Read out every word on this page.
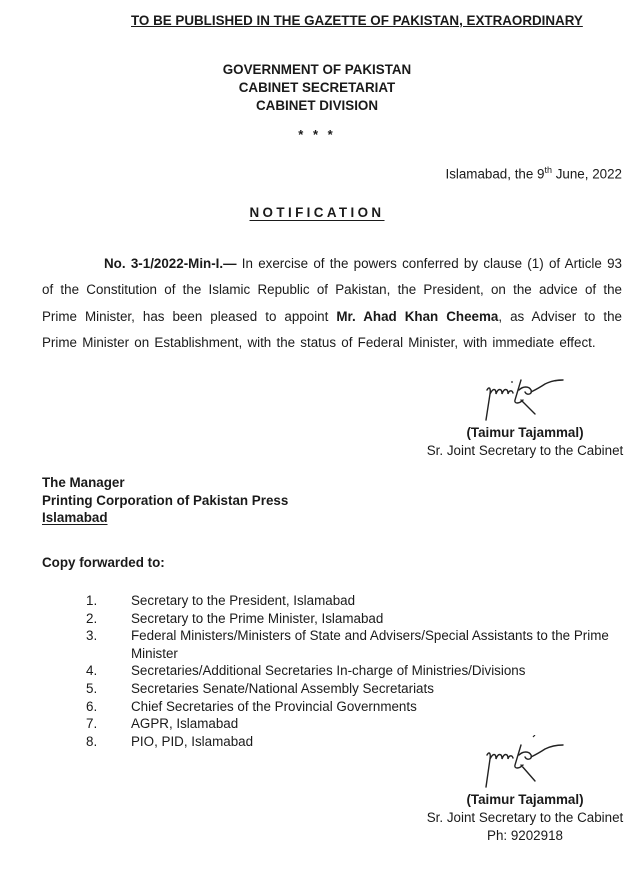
TO BE PUBLISHED IN THE GAZETTE OF PAKISTAN, EXTRAORDINARY
GOVERNMENT OF PAKISTAN
CABINET SECRETARIAT
CABINET DIVISION
* * *
Islamabad, the 9th June, 2022
NOTIFICATION
No. 3-1/2022-Min-I.— In exercise of the powers conferred by clause (1) of Article 93 of the Constitution of the Islamic Republic of Pakistan, the President, on the advice of the Prime Minister, has been pleased to appoint Mr. Ahad Khan Cheema, as Adviser to the Prime Minister on Establishment, with the status of Federal Minister, with immediate effect.
(Taimur Tajammal)
Sr. Joint Secretary to the Cabinet
The Manager
Printing Corporation of Pakistan Press
Islamabad
Copy forwarded to:
1.	Secretary to the President, Islamabad
2.	Secretary to the Prime Minister, Islamabad
3.	Federal Ministers/Ministers of State and Advisers/Special Assistants to the Prime Minister
4.	Secretaries/Additional Secretaries In-charge of Ministries/Divisions
5.	Secretaries Senate/National Assembly Secretariats
6.	Chief Secretaries of the Provincial Governments
7.	AGPR, Islamabad
8.	PIO, PID, Islamabad
(Taimur Tajammal)
Sr. Joint Secretary to the Cabinet
Ph: 9202918
